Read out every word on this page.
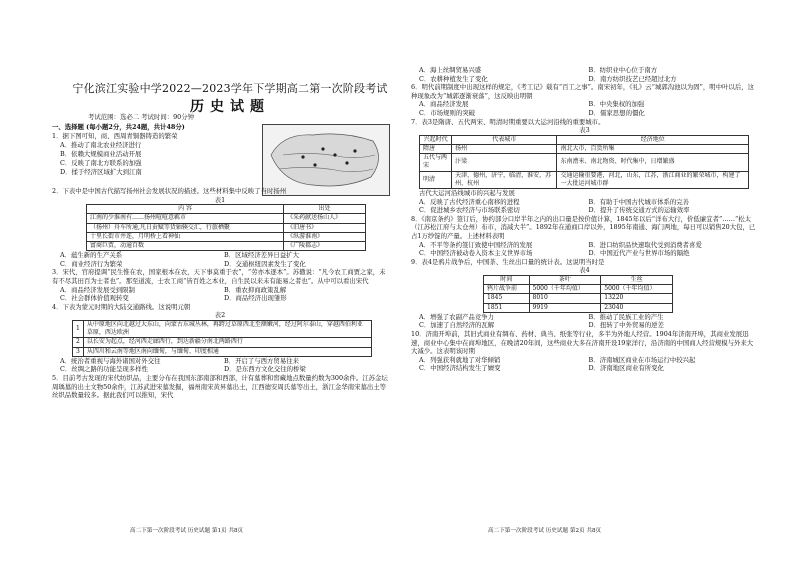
宁化滨江实验中学2022—2023学年下学期高二第一次阶段考试
历史试题
考试范围：选必二 考试时间：90分钟

一、选择题 (每小题2分，共24题，共计48分)

1．据下图可知，商、西周青铜器铸造的繁荣

A．推动了南北农业经济进行

B．依赖大规模商业活动开展

C．反映了南北方联系的加强

D．揉于经济区域扩大到江南

2．下表中是中国古代描写扬州社会发展状况的描述。这些材料集中反映了当时扬州

表1

内 容	出处
江南的少淮南有……扬州喧喧意羁市	《采药献送扬山人》
（扬州）舟车所通,凡日贡赋等货轴辏交汇，行旅栖聚	《旧唐书》
十里长街市井连，月明桥上看神仙	《纵游淮南》
富商巨贾，动逾百数	《广陵郡志》
A．蕴生新的生产关系	B．区域经济差异日益扩大
C．商业经济行为繁荣	D．交通枢纽因素发生了变化

3．宋代，官府提调“民生惟在农，国家根本在农，天下事莫重于农”，“劳亦本逐本”。苏辙说：“凡今农工商贾之家，未有不尽其田百为士者也”。那至道流，士农工商“皆百姓之本业，自生民以来未有能易之者也”。从中可以看出宋代

A．商品经济发展受到限制	B．重农抑商政策乱解
C．社会群体价值观转变	D．商品经济出现雏形

4．下表为蒙元时期的大陆交通路线。这说明元朝

表2

1	从中原地区向北越过大东山，向蒙古东城丛林，再跨过草原西北至额嫩河，经过阿尔泰山，穿越西伯利亚草原，西达欧洲
2	以长安为起点，经河西走廊西行，到达新疆分南北两路西行
3	从四川和云南等地区南向缅甸，与缅甸、印度相通
A．统治者重视与海外诸国对外交往	B．开启了与西方贸易往来
C．丝绸之路的功能呈现多样性	D．是东西方文化交往的桥梁

5．目前考古发现的宋代纺织品，主要分布在我国东部南部和西部，计有墓葬和窖藏地点数量约数为300余件。江苏金坛周瑀墓的出土文物50余件，江苏武进宋墓发掘，福州南宋黄昇墓出土，江西德安周氏墓等出土，浙江金华南宋墓出土等丝织品数量较多。据此我们可以推知，宋代

高二下第一次阶段考试 历史试题 第1页 共8页
A．海上丝绸贸易兴盛	B．纺织业中心位于南方
C．农耕种植发生了变化	D．南方纺织技艺已经超过北方

6．明代前期制度中出现这样的规定，《考工记》载有“百工之事”。南宋初年，《礼》云“城郭沟池以为固”，明中叶以后，这种现象改为“城郭逐渐衰落”，这反映出明朝

A．商品经济发展	B．中央集权的加强
C．市场规则的突破	D．儒家思想的僵化

7．表3是隋唐、五代两宋、明清时期重要以大运河沿线的重要城市。

表3

兴起时代	代表城市	经济地位
隋唐	扬州	南北大市，百货所集
五代与两宋	汴梁	东南漕米、南北物资、时代集中，日增繁盛
明清	天津，德州，济宁，临清，淮安，苏州，杭州	交通运输重要港，河北，山东，江苏，浙江商业的繁荣城市，构建了一大批运河城市群

古代大运河沿线城市的兴起与发展

A．反映了古代经济重心南移的进程	B．有助于中国古代城市体系的完善
C．促进城乡农经济与市场联系密切	D．提升了传统交通方式的运输效率

8．《南京条约》签订后，协约部分口岸半年之内的出口量是按价值计算，1845年以后“洋布大行，价低廉宜者”……“松太（江苏松江府与太仓州）布市，消减大半”。1892年在通商口岸以外，1895年南通、海门两地，每日可以销售20大包，已占1万纱锭的产量。上述材料表明

A．不平等条约签订致使中国经济的发展	B．进口纺织品快速取代受到消费者喜爱
C．中国经济被动卷入资本主义世界市场	D．中国近代产业与世界市场的隔绝

9．表4是鸦片战争后，中国茶、生丝出口量的统计表。这说明当时是

表4

时间	茶叶	生丝
鸦片战争前	5000（千年均值）	5000（千年均值）
1845	8010	13220
1851	9919	23040
A．增强了农副产品竞争力	B．推动了民族工业的产生
C．加速了自然经济的瓦解	D．扭转了中外贸易的逆差

10．济南开埠前，其旧式商业有绸布、药材、典当、纸张等行业，多半为外地人经营。1904年济南开埠，其商业发展迅速，商业中心集中在商埠地区，在晚清20年间，这些商业大多在济南开设19家洋行，沿济南的中国商人经营规模与外来大大减少。这表明该时期

A．列强获利就地了对华倾销	B．济南城区商业在市场运行中较兴起
C．中国经济结构发生了嬗变	D．济南地区商业有所变化
高二下第一次阶段考试 历史试题 第2页 共8页
